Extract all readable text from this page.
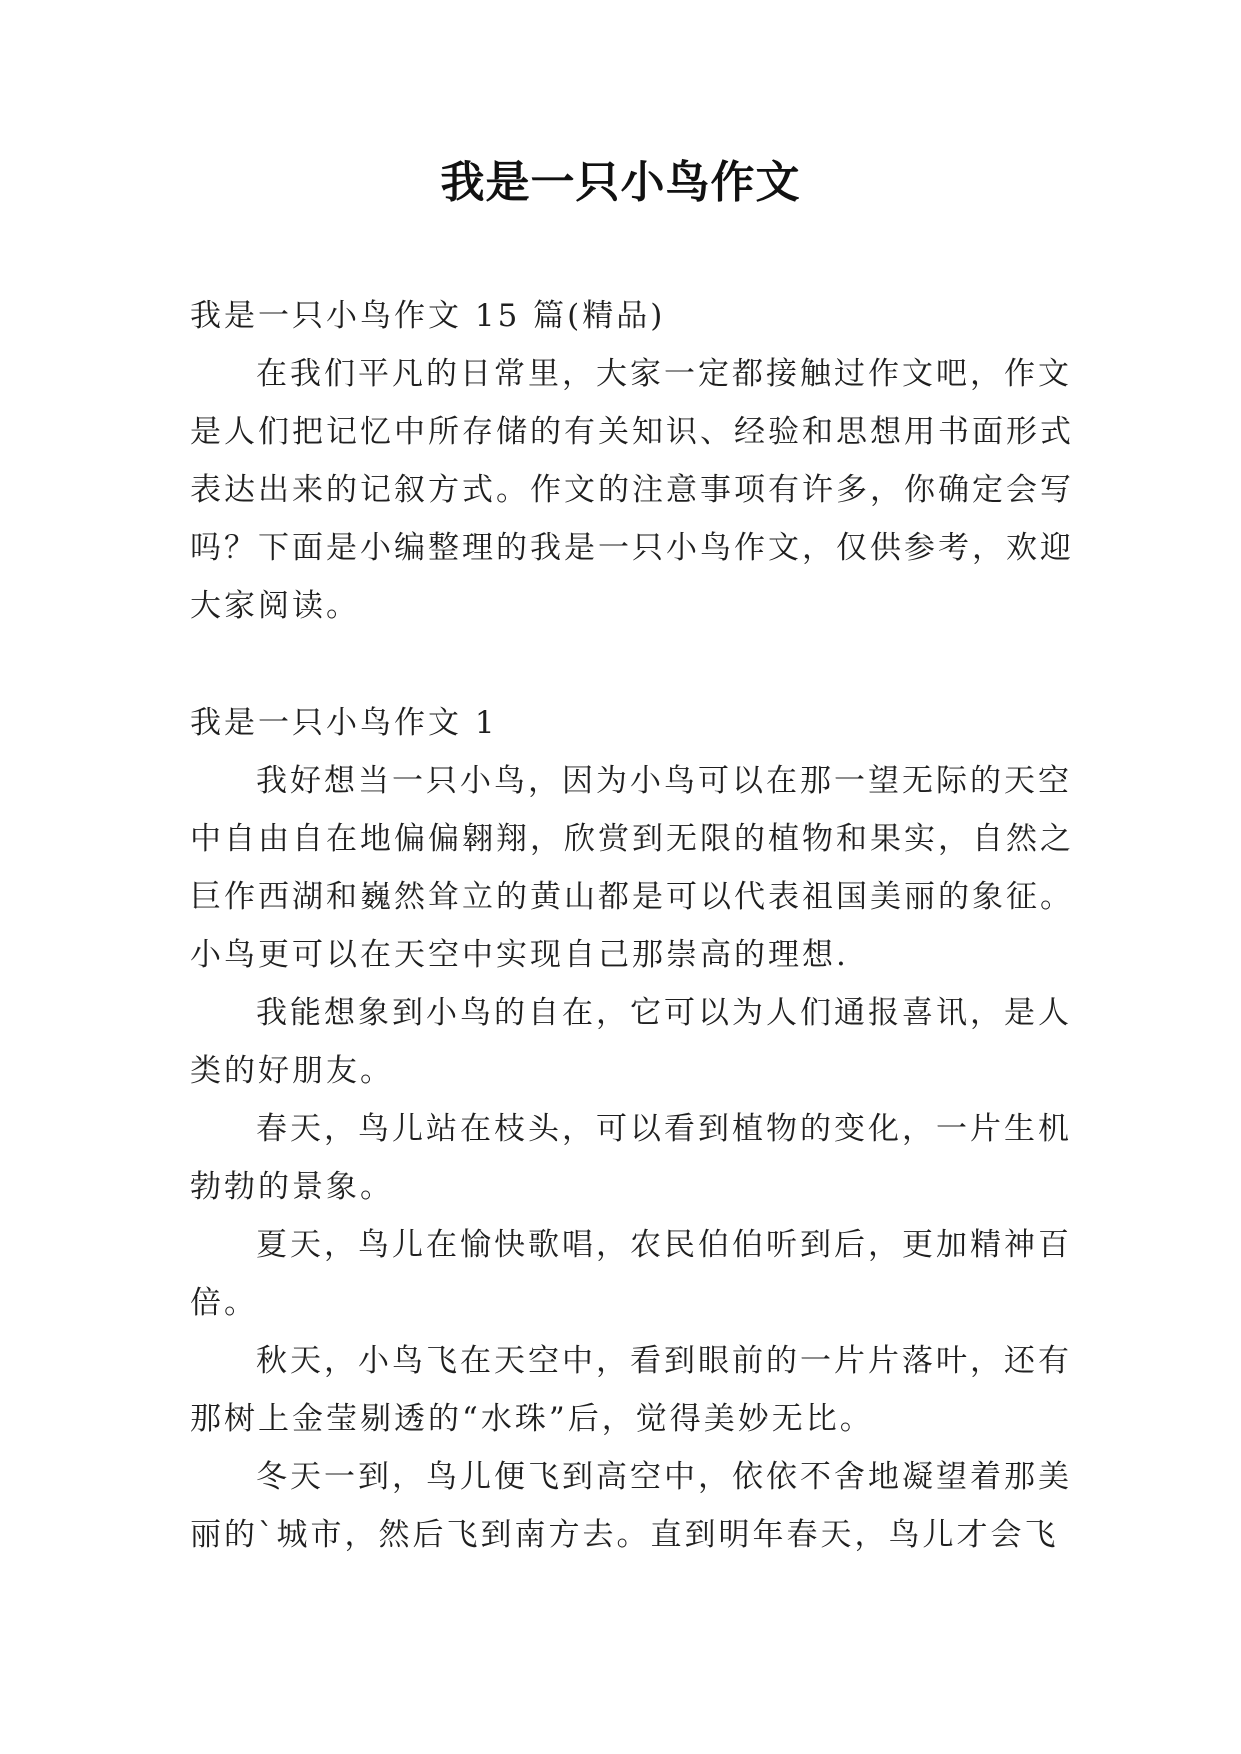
我是一只小鸟作文
我是一只小鸟作文 15 篇(精品)
在我们平凡的日常里，大家一定都接触过作文吧，作文
是人们把记忆中所存储的有关知识、经验和思想用书面形式
表达出来的记叙方式。作文的注意事项有许多，你确定会写
吗？下面是小编整理的我是一只小鸟作文，仅供参考，欢迎
大家阅读。
我是一只小鸟作文 1
我好想当一只小鸟，因为小鸟可以在那一望无际的天空
中自由自在地偏偏翱翔，欣赏到无限的植物和果实，自然之
巨作西湖和巍然耸立的黄山都是可以代表祖国美丽的象征。
小鸟更可以在天空中实现自己那崇高的理想.
我能想象到小鸟的自在，它可以为人们通报喜讯，是人
类的好朋友。
春天，鸟儿站在枝头，可以看到植物的变化，一片生机
勃勃的景象。
夏天，鸟儿在愉快歌唱，农民伯伯听到后，更加精神百
倍。
秋天，小鸟飞在天空中，看到眼前的一片片落叶，还有
那树上金莹剔透的“水珠”后，觉得美妙无比。
冬天一到，鸟儿便飞到高空中，依依不舍地凝望着那美
丽的`城市，然后飞到南方去。直到明年春天，鸟儿才会飞
